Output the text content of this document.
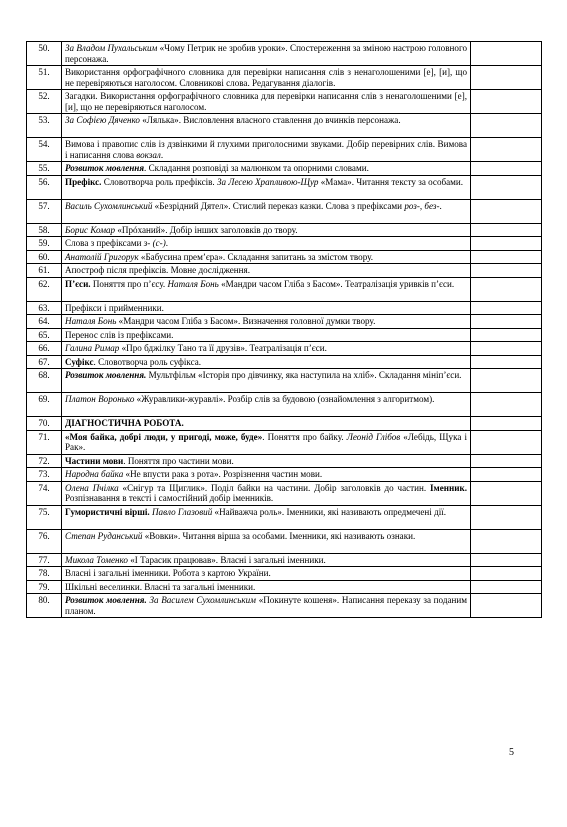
50.	За Владом Пухальським «Чому Петрик не зробив уроки». Спостереження за зміною настрою головного персонажа.	
51.	Використання орфографічного словника для перевірки написання слів з ненаголошеними [е], [и], що не перевіряються наголосом. Словникові слова. Редагування діалогів.	
52.	Загадки. Використання орфографічного словника для перевірки написання слів з ненаголошеними [е], [и], що не перевіряються наголосом.	
53.	За Софією Дяченко «Лялька». Висловлення власного ставлення до вчинків персонажа.	
54.	Вимова і правопис слів із дзвінкими й глухими приголосними звуками. Добір перевірних слів. Вимова і написання слова вокзал.	
55.	Розвиток мовлення. Складання розповіді за малюнком та опорними словами.	
56.	Префікс. Словотворча роль префіксів. За Лесею Храпливою-Щур «Мама». Читання тексту за особами.	
57.	Василь Сухомлинський «Безрідний Дятел». Стислий переказ казки. Слова з префіксами роз-, без-.	
58.	Борис Комар «Прóханий». Добір інших заголовків до твору.	
59.	Слова з префіксами з- (с-).	
60.	Анатолій Григорук «Бабусина прем’єра». Складання запитань за змістом твору.	
61.	Апостроф після префіксів. Мовне дослідження.	
62.	П’єси. Поняття про п’єсу. Наталя Бонь «Мандри часом Гліба з Басом». Театралізація уривків п’єси.	
63.	Префікси і прийменники.	
64.	Наталя Бонь «Мандри часом Гліба з Басом». Визначення головної думки твору.	
65.	Перенос слів із префіксами.	
66.	Галина Римар «Про бджілку Тано та її друзів». Театралізація п’єси.	
67.	Суфікс. Словотворча роль суфікса.	
68.	Розвиток мовлення. Мультфільм «Історія про дівчинку, яка наступила на хліб». Складання мініп’єси.	
69.	Платон Воронько «Журавлики-журавлі». Розбір слів за будовою (ознайомлення з алгоритмом).	
70.	ДІАГНОСТИЧНА РОБОТА.	
71.	«Моя байка, добрі люди, у пригоді, може, буде». Поняття про байку. Леонід Глібов «Лебідь, Щука і Рак».	
72.	Частини мови. Поняття про частини мови.	
73.	Народна байка «Не впусти рака з рота». Розрізнення частин мови.	
74.	Олена Пчілка «Снігур та Щиглик». Поділ байки на частини. Добір заголовків до частин. Іменник. Розпізнавання в тексті і самостійний добір іменників.	
75.	Гумористичні вірші. Павло Глазовий «Найважча роль». Іменники, які називають опредмечені дії.	
76.	Степан Руданський «Вовки». Читання вірша за особами. Іменники, які називають ознаки.	
77.	Микола Томенко «І Тарасик працював». Власні і загальні іменники.	
78.	Власні і загальні іменники. Робота з картою України.	
79.	Шкільні веселинки. Власні та загальні іменники.	
80.	Розвиток мовлення. За Василем Сухомлинським «Покинуте кошеня». Написання переказу за поданим планом.	
5
